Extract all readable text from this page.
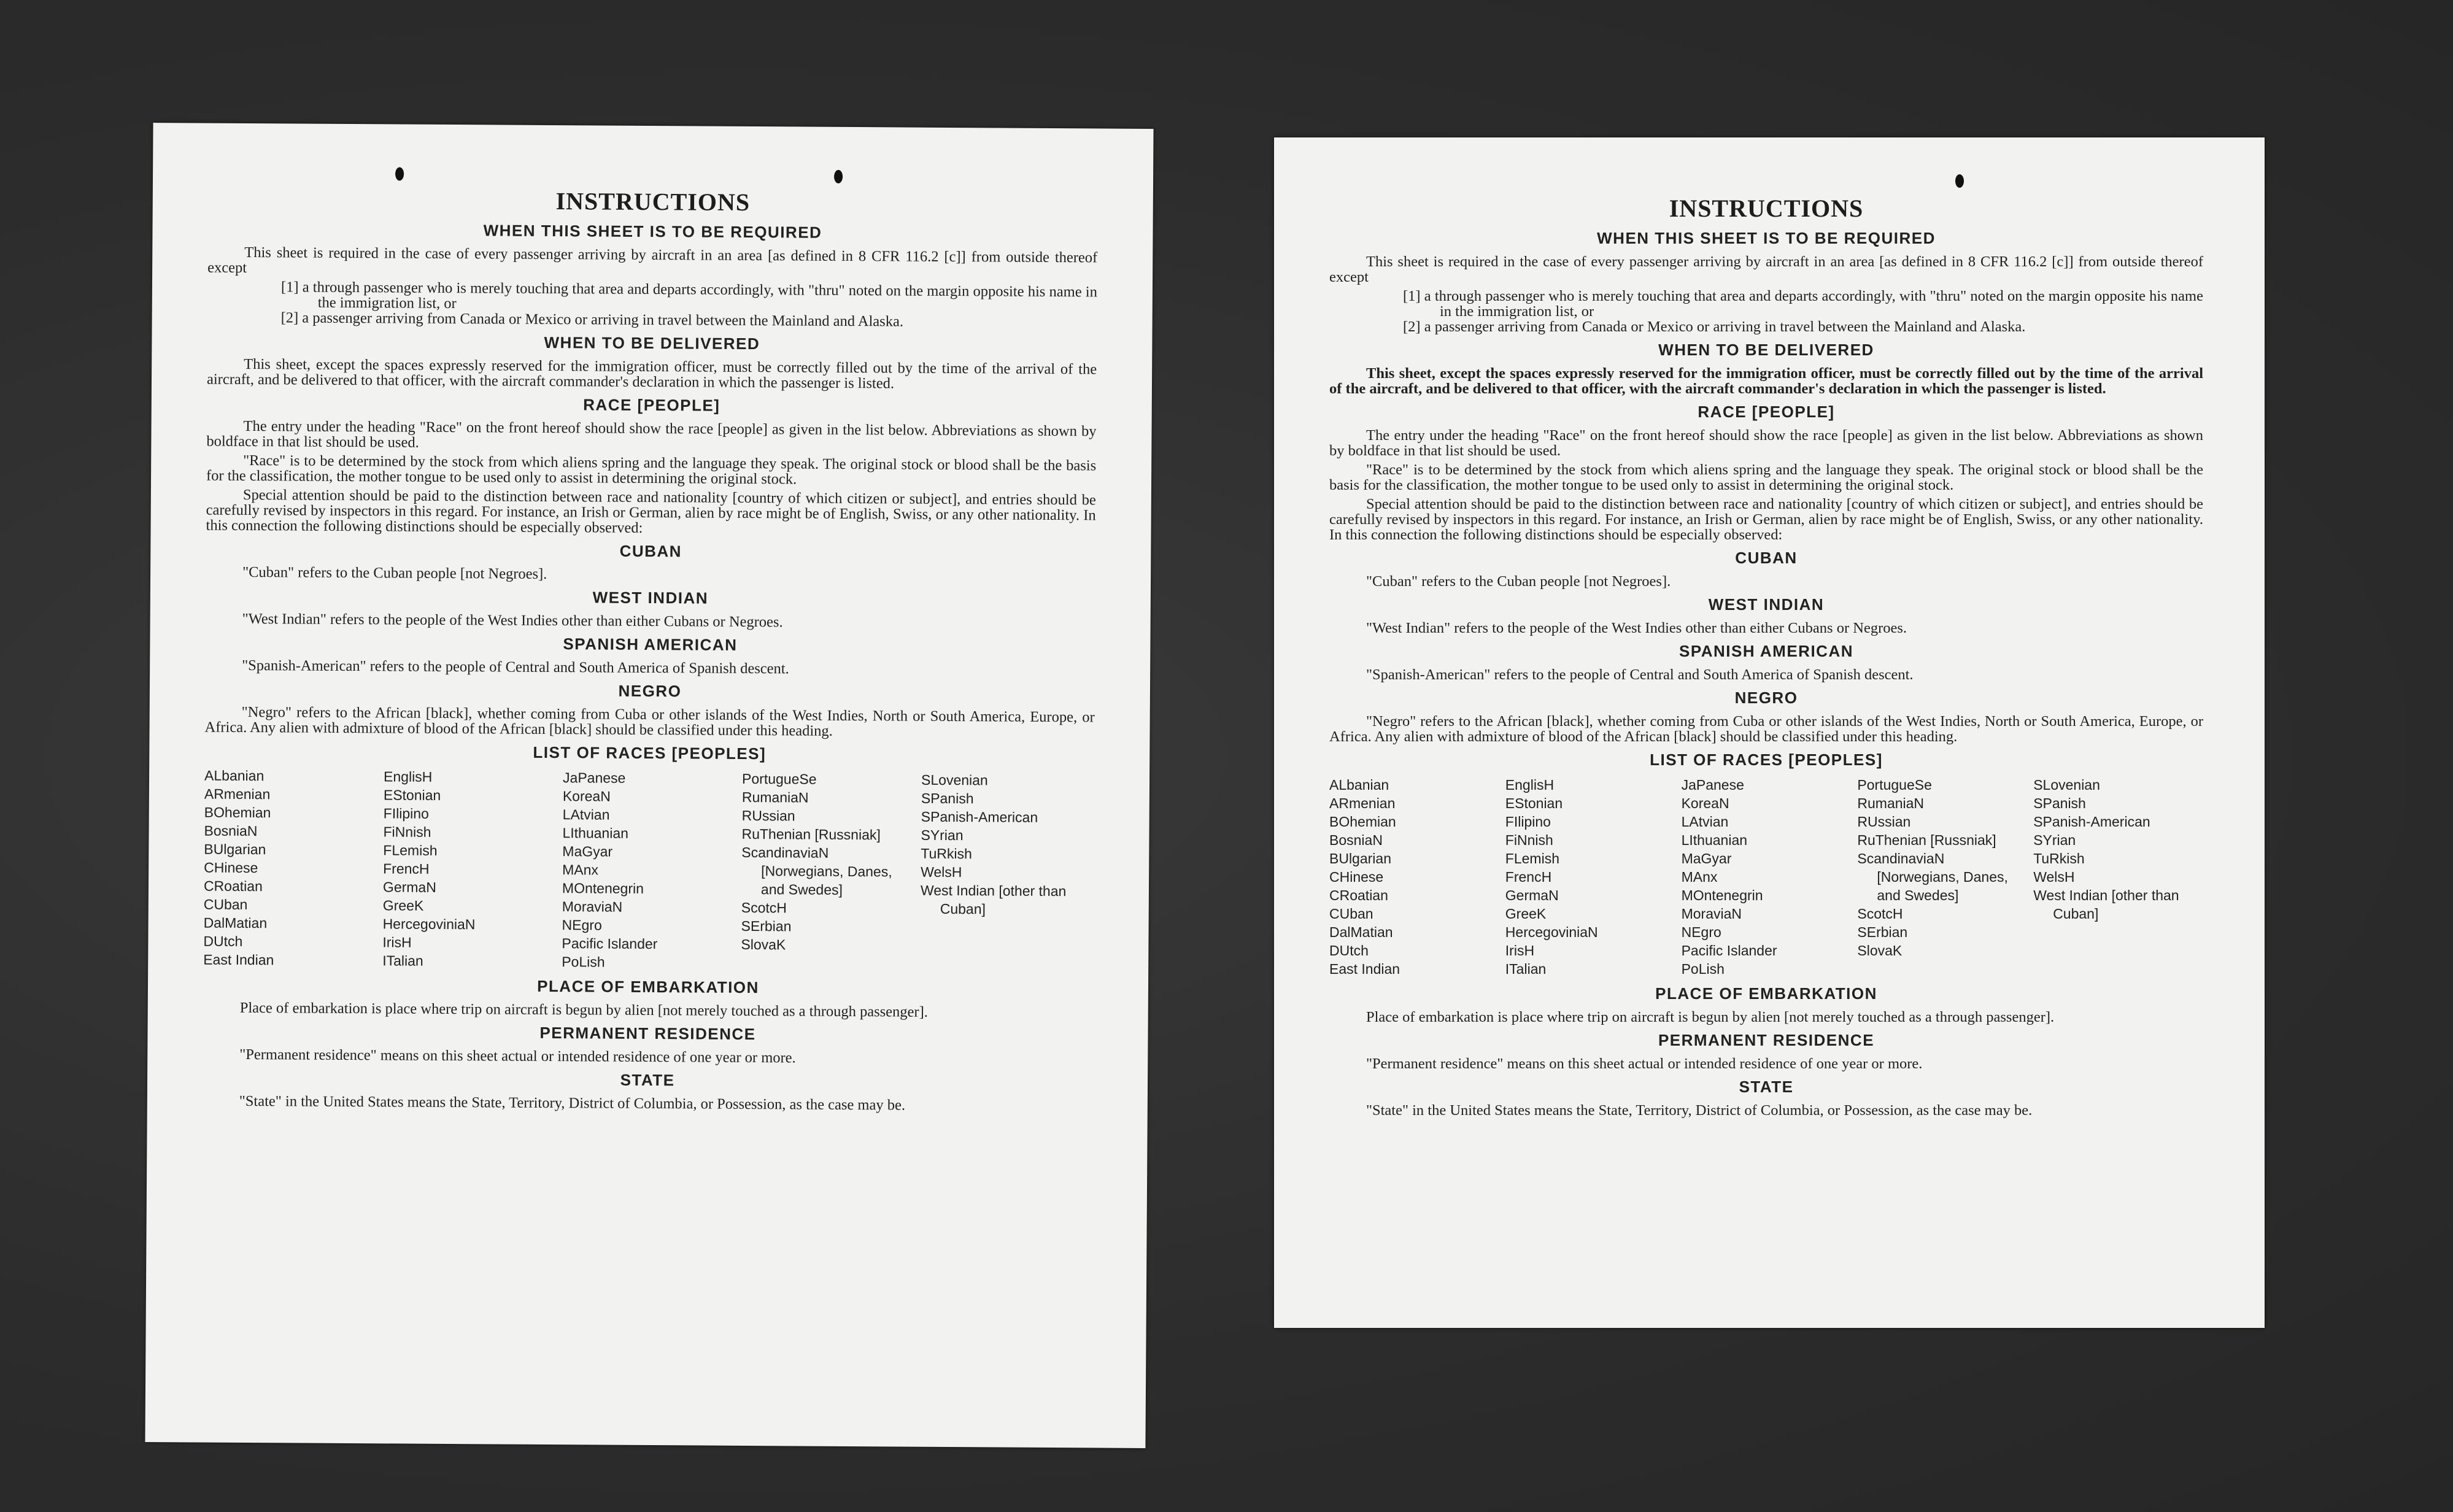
INSTRUCTIONS
WHEN THIS SHEET IS TO BE REQUIRED

This sheet is required in the case of every passenger arriving by aircraft in an area [as defined in 8 CFR 116.2 [c]] from outside thereof except

[1] a through passenger who is merely touching that area and departs accordingly, with "thru" noted on the margin opposite his name in the immigration list, or
[2] a passenger arriving from Canada or Mexico or arriving in travel between the Mainland and Alaska.
WHEN TO BE DELIVERED

This sheet, except the spaces expressly reserved for the immigration officer, must be correctly filled out by the time of the arrival of the aircraft, and be delivered to that officer, with the aircraft commander's declaration in which the passenger is listed.

RACE [PEOPLE]

The entry under the heading "Race" on the front hereof should show the race [people] as given in the list below. Abbreviations as shown by boldface in that list should be used.

"Race" is to be determined by the stock from which aliens spring and the language they speak. The original stock or blood shall be the basis for the classification, the mother tongue to be used only to assist in determining the original stock.

Special attention should be paid to the distinction between race and nationality [country of which citizen or subject], and entries should be carefully revised by inspectors in this regard. For instance, an Irish or German, alien by race might be of English, Swiss, or any other nationality. In this connection the following distinctions should be especially observed:

CUBAN

"Cuban" refers to the Cuban people [not Negroes].

WEST INDIAN

"West Indian" refers to the people of the West Indies other than either Cubans or Negroes.

SPANISH AMERICAN

"Spanish-American" refers to the people of Central and South America of Spanish descent.

NEGRO

"Negro" refers to the African [black], whether coming from Cuba or other islands of the West Indies, North or South America, Europe, or Africa. Any alien with admixture of blood of the African [black] should be classified under this heading.

LIST OF RACES [PEOPLES]
ALbanian
ARmenian
BOhemian
BosniaN
BUlgarian
CHinese
CRoatian
CUban
DalMatian
DUtch
East Indian
EnglisH
EStonian
FIlipino
FiNnish
FLemish
FrencH
GermaN
GreeK
HercegoviniaN
IrisH
ITalian
JaPanese
KoreaN
LAtvian
LIthuanian
MaGyar
MAnx
MOntenegrin
MoraviaN
NEgro
Pacific Islander
PoLish
PortugueSe
RumaniaN
RUssian
RuThenian [Russniak]
ScandinaviaN [Norwegians, Danes, and Swedes]
ScotcH
SErbian
SlovaK
SLovenian
SPanish
SPanish-American
SYrian
TuRkish
WelsH
West Indian [other than Cuban]
PLACE OF EMBARKATION

Place of embarkation is place where trip on aircraft is begun by alien [not merely touched as a through passenger].

PERMANENT RESIDENCE

"Permanent residence" means on this sheet actual or intended residence of one year or more.

STATE

"State" in the United States means the State, Territory, District of Columbia, or Possession, as the case may be.

INSTRUCTIONS
WHEN THIS SHEET IS TO BE REQUIRED

This sheet is required in the case of every passenger arriving by aircraft in an area [as defined in 8 CFR 116.2 [c]] from outside thereof except

[1] a through passenger who is merely touching that area and departs accordingly, with "thru" noted on the margin opposite his name in the immigration list, or
[2] a passenger arriving from Canada or Mexico or arriving in travel between the Mainland and Alaska.
WHEN TO BE DELIVERED

This sheet, except the spaces expressly reserved for the immigration officer, must be correctly filled out by the time of the arrival of the aircraft, and be delivered to that officer, with the aircraft commander's declaration in which the passenger is listed.

RACE [PEOPLE]

The entry under the heading "Race" on the front hereof should show the race [people] as given in the list below. Abbreviations as shown by boldface in that list should be used.

"Race" is to be determined by the stock from which aliens spring and the language they speak. The original stock or blood shall be the basis for the classification, the mother tongue to be used only to assist in determining the original stock.

Special attention should be paid to the distinction between race and nationality [country of which citizen or subject], and entries should be carefully revised by inspectors in this regard. For instance, an Irish or German, alien by race might be of English, Swiss, or any other nationality. In this connection the following distinctions should be especially observed:

CUBAN

"Cuban" refers to the Cuban people [not Negroes].

WEST INDIAN

"West Indian" refers to the people of the West Indies other than either Cubans or Negroes.

SPANISH AMERICAN

"Spanish-American" refers to the people of Central and South America of Spanish descent.

NEGRO

"Negro" refers to the African [black], whether coming from Cuba or other islands of the West Indies, North or South America, Europe, or Africa. Any alien with admixture of blood of the African [black] should be classified under this heading.

LIST OF RACES [PEOPLES]
ALbanian
ARmenian
BOhemian
BosniaN
BUlgarian
CHinese
CRoatian
CUban
DalMatian
DUtch
East Indian
EnglisH
EStonian
FIlipino
FiNnish
FLemish
FrencH
GermaN
GreeK
HercegoviniaN
IrisH
ITalian
JaPanese
KoreaN
LAtvian
LIthuanian
MaGyar
MAnx
MOntenegrin
MoraviaN
NEgro
Pacific Islander
PoLish
PortugueSe
RumaniaN
RUssian
RuThenian [Russniak]
ScandinaviaN [Norwegians, Danes, and Swedes]
ScotcH
SErbian
SlovaK
SLovenian
SPanish
SPanish-American
SYrian
TuRkish
WelsH
West Indian [other than Cuban]
PLACE OF EMBARKATION

Place of embarkation is place where trip on aircraft is begun by alien [not merely touched as a through passenger].

PERMANENT RESIDENCE

"Permanent residence" means on this sheet actual or intended residence of one year or more.

STATE

"State" in the United States means the State, Territory, District of Columbia, or Possession, as the case may be.
